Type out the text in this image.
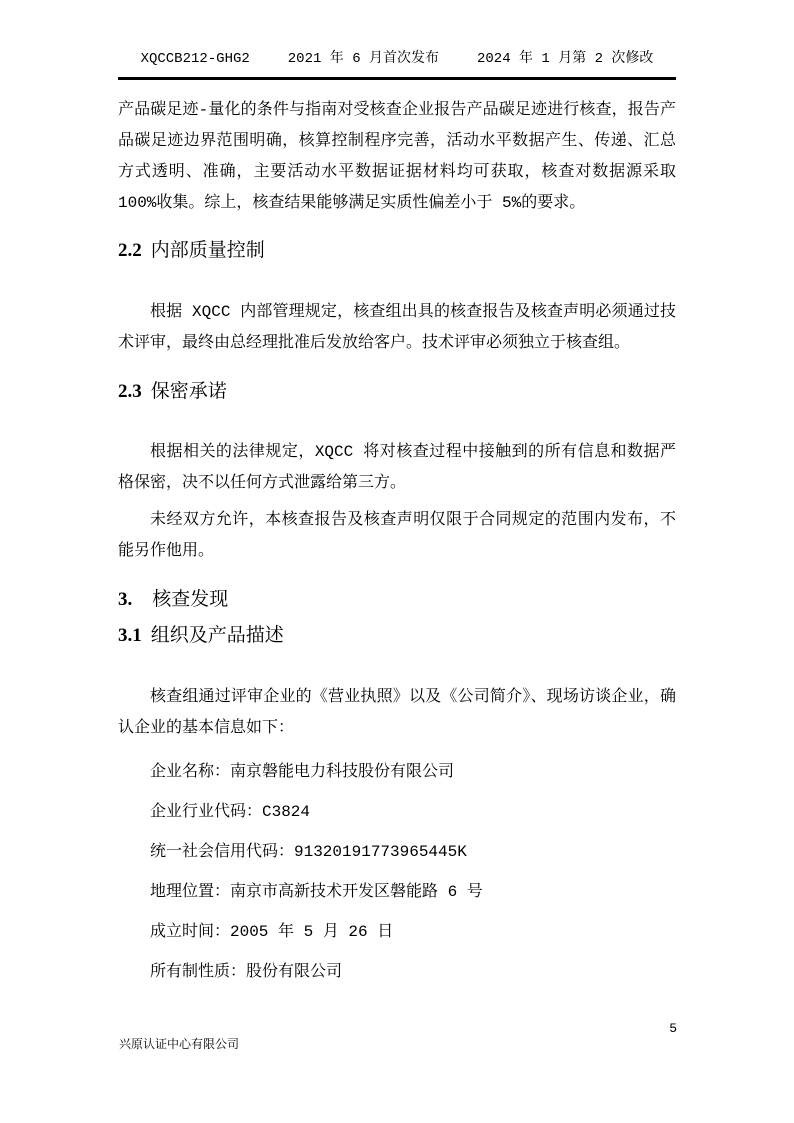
XQCCB212-GHG2	2021 年 6 月首次发布	2024 年 1 月第 2 次修改

产品碳足迹-量化的条件与指南对受核查企业报告产品碳足迹进行核查，报告产品碳足迹边界范围明确，核算控制程序完善，活动水平数据产生、传递、汇总方式透明、准确，主要活动水平数据证据材料均可获取，核查对数据源采取 100%收集。综上，核查结果能够满足实质性偏差小于 5%的要求。

2.2 内部质量控制

根据 XQCC 内部管理规定，核查组出具的核查报告及核查声明必须通过技术评审，最终由总经理批准后发放给客户。技术评审必须独立于核查组。

2.3 保密承诺

根据相关的法律规定，XQCC 将对核查过程中接触到的所有信息和数据严格保密，决不以任何方式泄露给第三方。

未经双方允许，本核查报告及核查声明仅限于合同规定的范围内发布，不能另作他用。

3. 核查发现
3.1 组织及产品描述

核查组通过评审企业的《营业执照》以及《公司简介》、现场访谈企业，确认企业的基本信息如下：

企业名称：南京磐能电力科技股份有限公司
企业行业代码：C3824
统一社会信用代码：91320191773965445K
地理位置：南京市高新技术开发区磐能路 6 号
成立时间：2005 年 5 月 26 日
所有制性质：股份有限公司
兴原认证中心有限公司
5
